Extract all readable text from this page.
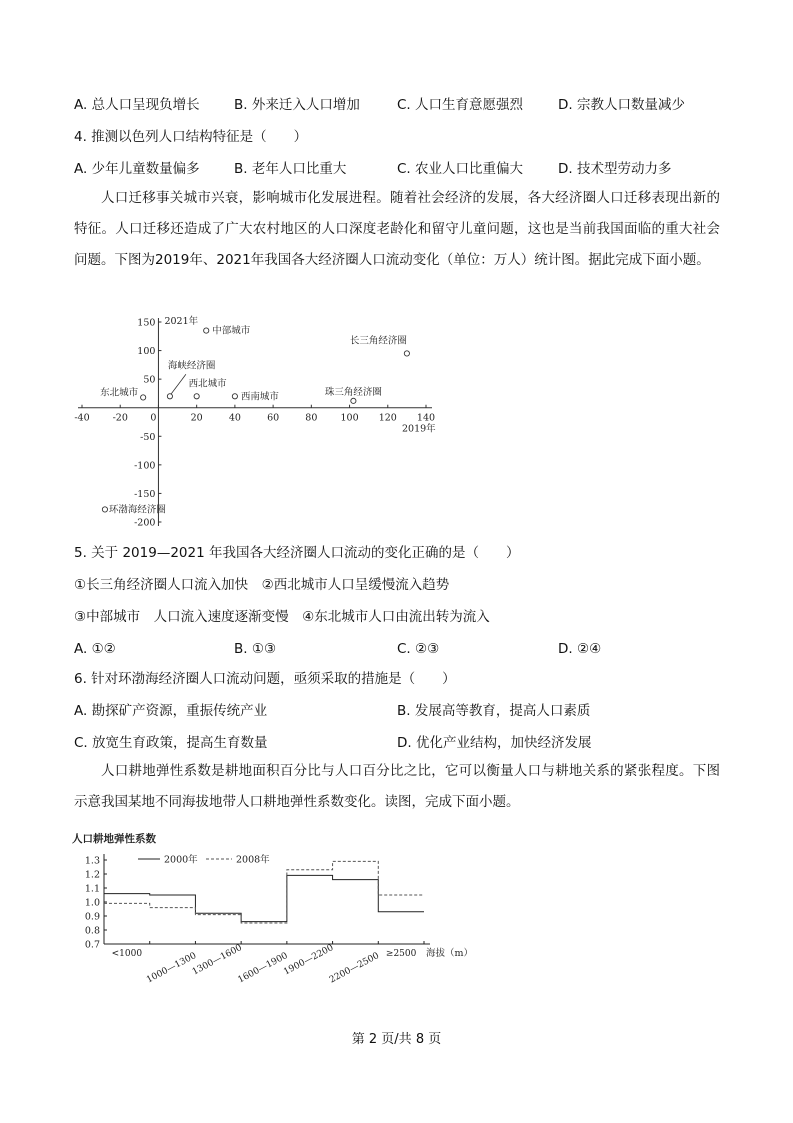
A. 总人口呈现负增长	B. 外来迁入人口增加	C. 人口生育意愿强烈	D. 宗教人口数量减少
4. 推测以色列人口结构特征是（　　）
A. 少年儿童数量偏多	B. 老年人口比重大	C. 农业人口比重偏大	D. 技术型劳动力多
人口迁移事关城市兴衰，影响城市化发展进程。随着社会经济的发展，各大经济圈人口迁移表现出新的特征。人口迁移还造成了广大农村地区的人口深度老龄化和留守儿童问题，这也是当前我国面临的重大社会问题。下图为2019年、2021年我国各大经济圈人口流动变化（单位：万人）统计图。据此完成下面小题。
-40 -20 0	20	40	60	80 100 120 140
150
100
50
-50
-100
-150
-200
2021年
2019年
中部城市
长三角经济圈
海峡经济圈
西北城市
西南城市
东北城市	珠三角经济圈
环渤海经济圈
5. 关于 2019—2021 年我国各大经济圈人口流动的变化正确的是（　　）
①长三角经济圈人口流入加快　②西北城市人口呈缓慢流入趋势
③中部城市　人口流入速度逐渐变慢　④东北城市人口由流出转为流入
A. ①②	B. ①③	C. ②③	D. ②④
6. 针对环渤海经济圈人口流动问题，亟须采取的措施是（　　）
A. 勘探矿产资源，重振传统产业	B. 发展高等教育，提高人口素质
C. 放宽生育政策，提高生育数量	D. 优化产业结构，加快经济发展
人口耕地弹性系数是耕地面积百分比与人口百分比之比，它可以衡量人口与耕地关系的紧张程度。下图示意我国某地不同海拔地带人口耕地弹性系数变化。读图，完成下面小题。
人口耕地弹性系数
1.3
1.2
1.1
1.0
0.9
0.8
0.7
<1000 1000—1300
1300—1600
1600—1900
1900—2200
2200—2500 ≥2500 海拔（m）
2000年	2008年
第 2 页/共 8 页
